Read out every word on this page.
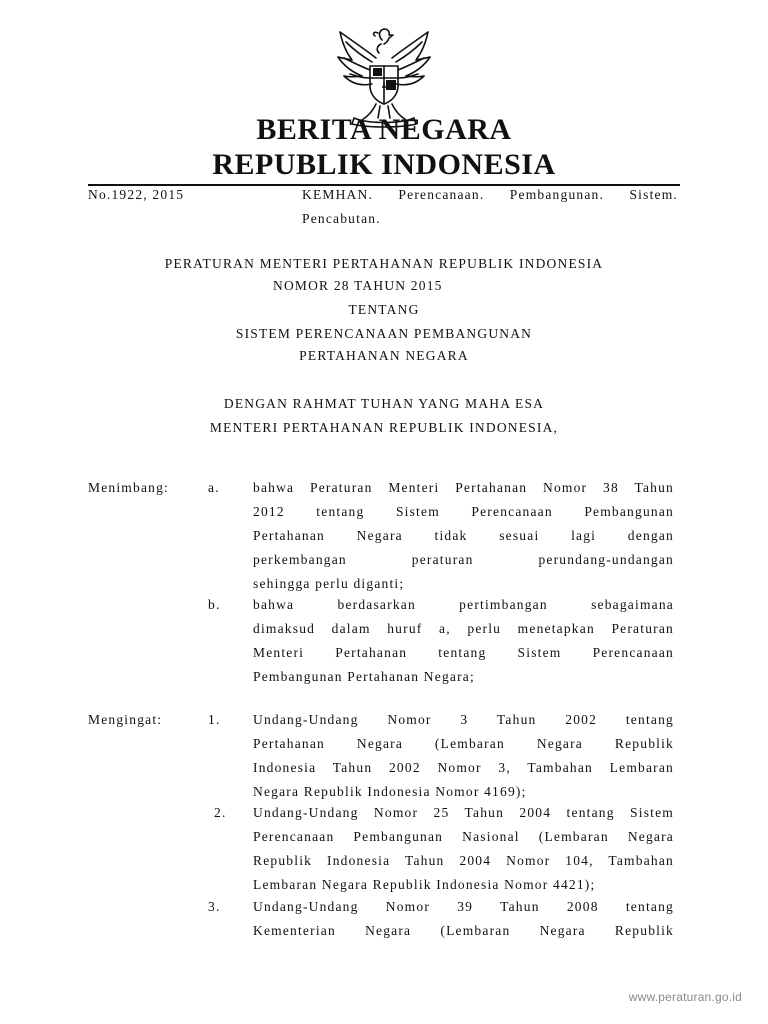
BERITA NEGARA
REPUBLIK INDONESIA
No.1922, 2015	KEMHAN. Perencanaan. Pembangunan. Sistem.
Pencabutan.
PERATURAN MENTERI PERTAHANAN REPUBLIK INDONESIA
NOMOR 28 TAHUN 2015
TENTANG
SISTEM PERENCANAAN PEMBANGUNAN
PERTAHANAN NEGARA
DENGAN RAHMAT TUHAN YANG MAHA ESA
MENTERI PERTAHANAN REPUBLIK INDONESIA,
Menimbang:	a. bahwa Peraturan Menteri Pertahanan Nomor 38 Tahun
2012 tentang Sistem Perencanaan Pembangunan
Pertahanan Negara tidak sesuai lagi dengan
perkembangan peraturan perundang-undangan
sehingga perlu diganti;
b. bahwa berdasarkan pertimbangan sebagaimana
dimaksud dalam huruf a, perlu menetapkan Peraturan
Menteri Pertahanan tentang Sistem Perencanaan
Pembangunan Pertahanan Negara;
Mengingat:	1. Undang-Undang Nomor 3 Tahun 2002 tentang
Pertahanan Negara (Lembaran Negara Republik
Indonesia Tahun 2002 Nomor 3, Tambahan Lembaran
Negara Republik Indonesia Nomor 4169);
2. Undang-Undang Nomor 25 Tahun 2004 tentang Sistem
Perencanaan Pembangunan Nasional (Lembaran Negara
Republik Indonesia Tahun 2004 Nomor 104, Tambahan
Lembaran Negara Republik Indonesia Nomor 4421);
3. Undang-Undang Nomor 39 Tahun 2008 tentang
Kementerian Negara (Lembaran Negara Republik
www.peraturan.go.id
